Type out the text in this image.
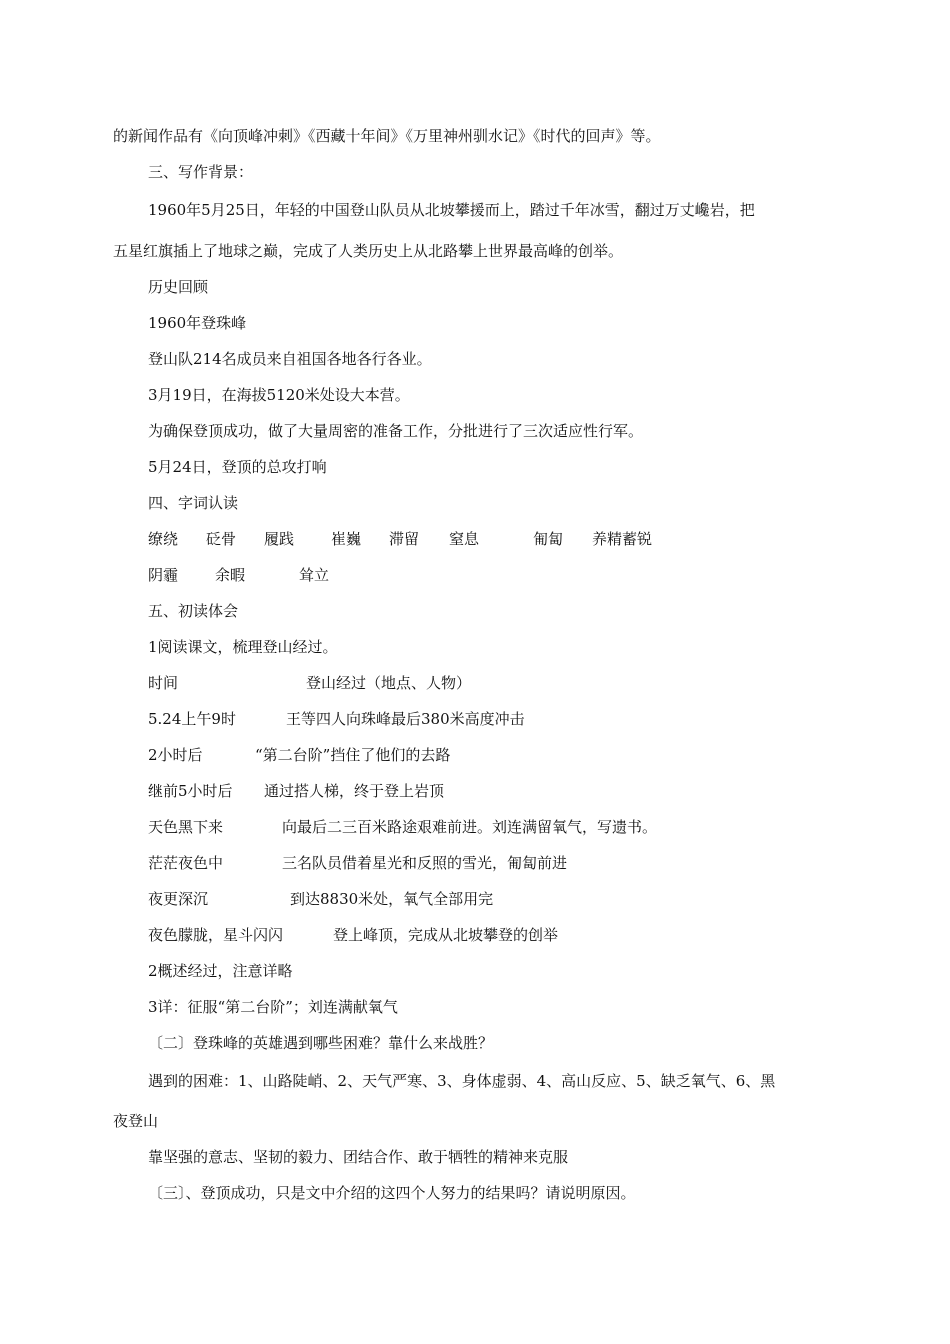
的新闻作品有《向顶峰冲刺》《西藏十年间》《万里神州驯水记》《时代的回声》等。
三、写作背景：
1960年5月25日，年轻的中国登山队员从北坡攀援而上，踏过千年冰雪，翻过万丈巉岩，把
五星红旗插上了地球之巅，完成了人类历史上从北路攀上世界最高峰的创举。
历史回顾
1960年登珠峰
登山队214名成员来自祖国各地各行各业。
3月19日，在海拔5120米处设大本营。
为确保登顶成功，做了大量周密的准备工作，分批进行了三次适应性行军。
5月24日，登顶的总攻打响
四、字词认读
缭绕 砭骨 履践 崔巍 滞留 窒息	匍匐 养精蓄锐
阴霾 余暇	耸立
五、初读体会
1阅读课文，梳理登山经过。
时间	登山经过（地点、人物）
5.24上午9时	王等四人向珠峰最后380米高度冲击
2小时后	“第二台阶”挡住了他们的去路
继前5小时后 通过搭人梯，终于登上岩顶
天色黑下来	向最后二三百米路途艰难前进。刘连满留氧气，写遗书。
茫茫夜色中	三名队员借着星光和反照的雪光，匍匐前进
夜更深沉	到达8830米处，氧气全部用完
夜色朦胧，星斗闪闪	登上峰顶，完成从北坡攀登的创举
2概述经过，注意详略
3详：征服“第二台阶”；刘连满献氧气
〔二〕登珠峰的英雄遇到哪些困难？靠什么来战胜？
遇到的困难：1、山路陡峭、2、天气严寒、3、身体虚弱、4、高山反应、5、缺乏氧气、6、黑
夜登山
靠坚强的意志、坚韧的毅力、团结合作、敢于牺牲的精神来克服
〔三〕、登顶成功，只是文中介绍的这四个人努力的结果吗？请说明原因。
